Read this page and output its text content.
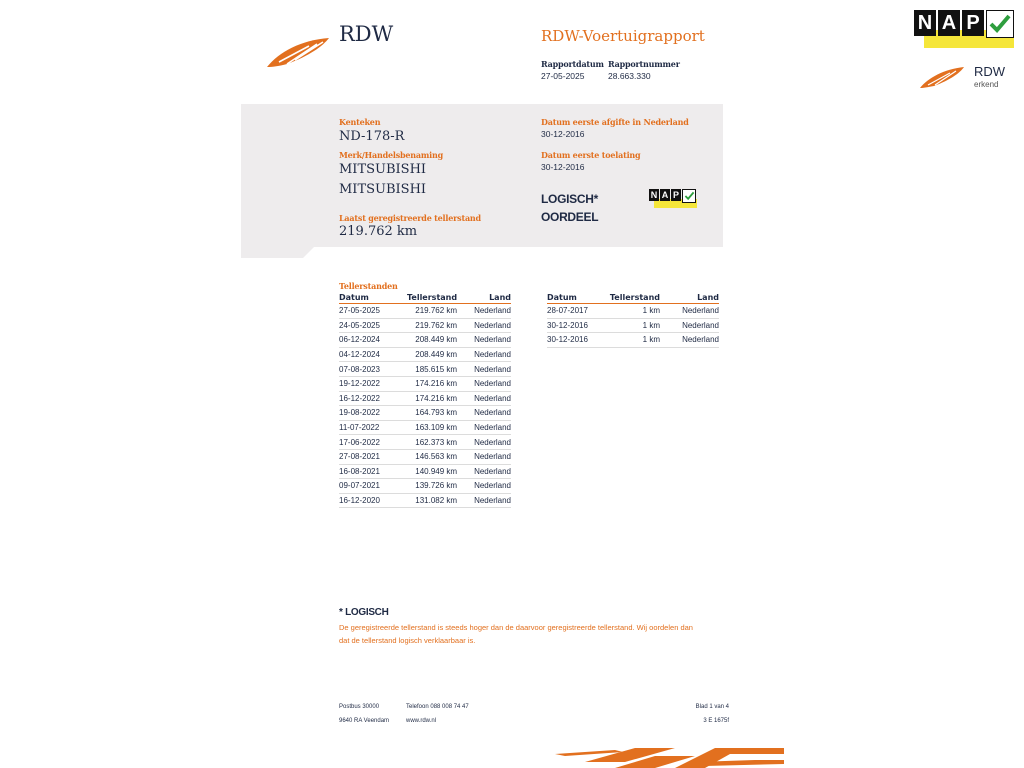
RDW	RDW-Voertuigrapport
Rapportdatum
27-05-2025
Rapportnummer
28.663.330
N A P
RDW
erkend
Kenteken
ND-178-R
Merk/Handelsbenaming
MITSUBISHI
MITSUBISHI
Laatst geregistreerde tellerstand
219.762 km
Datum eerste afgifte in Nederland
30-12-2016
Datum eerste toelating
30-12-2016
LOGISCH*
OORDEEL
N A P
Tellerstanden
Datum	Tellerstand	Land
27-05-2025	219.762 km	Nederland
24-05-2025	219.762 km	Nederland
06-12-2024	208.449 km	Nederland
04-12-2024	208.449 km	Nederland
07-08-2023	185.615 km	Nederland
19-12-2022	174.216 km	Nederland
16-12-2022	174.216 km	Nederland
19-08-2022	164.793 km	Nederland
11-07-2022	163.109 km	Nederland
17-06-2022	162.373 km	Nederland
27-08-2021	146.563 km	Nederland
16-08-2021	140.949 km	Nederland
09-07-2021	139.726 km	Nederland
16-12-2020	131.082 km	Nederland
Datum	Tellerstand	Land
28-07-2017	1 km	Nederland
30-12-2016	1 km	Nederland
30-12-2016	1 km	Nederland
* LOGISCH
De geregistreerde tellerstand is steeds hoger dan de daarvoor geregistreerde tellerstand. Wij oordelen dan
dat de tellerstand logisch verklaarbaar is.
Postbus 30000
9640 RA Veendam
Telefoon 088 008 74 47
www.rdw.nl
Blad 1 van 4
3 E 1675f
